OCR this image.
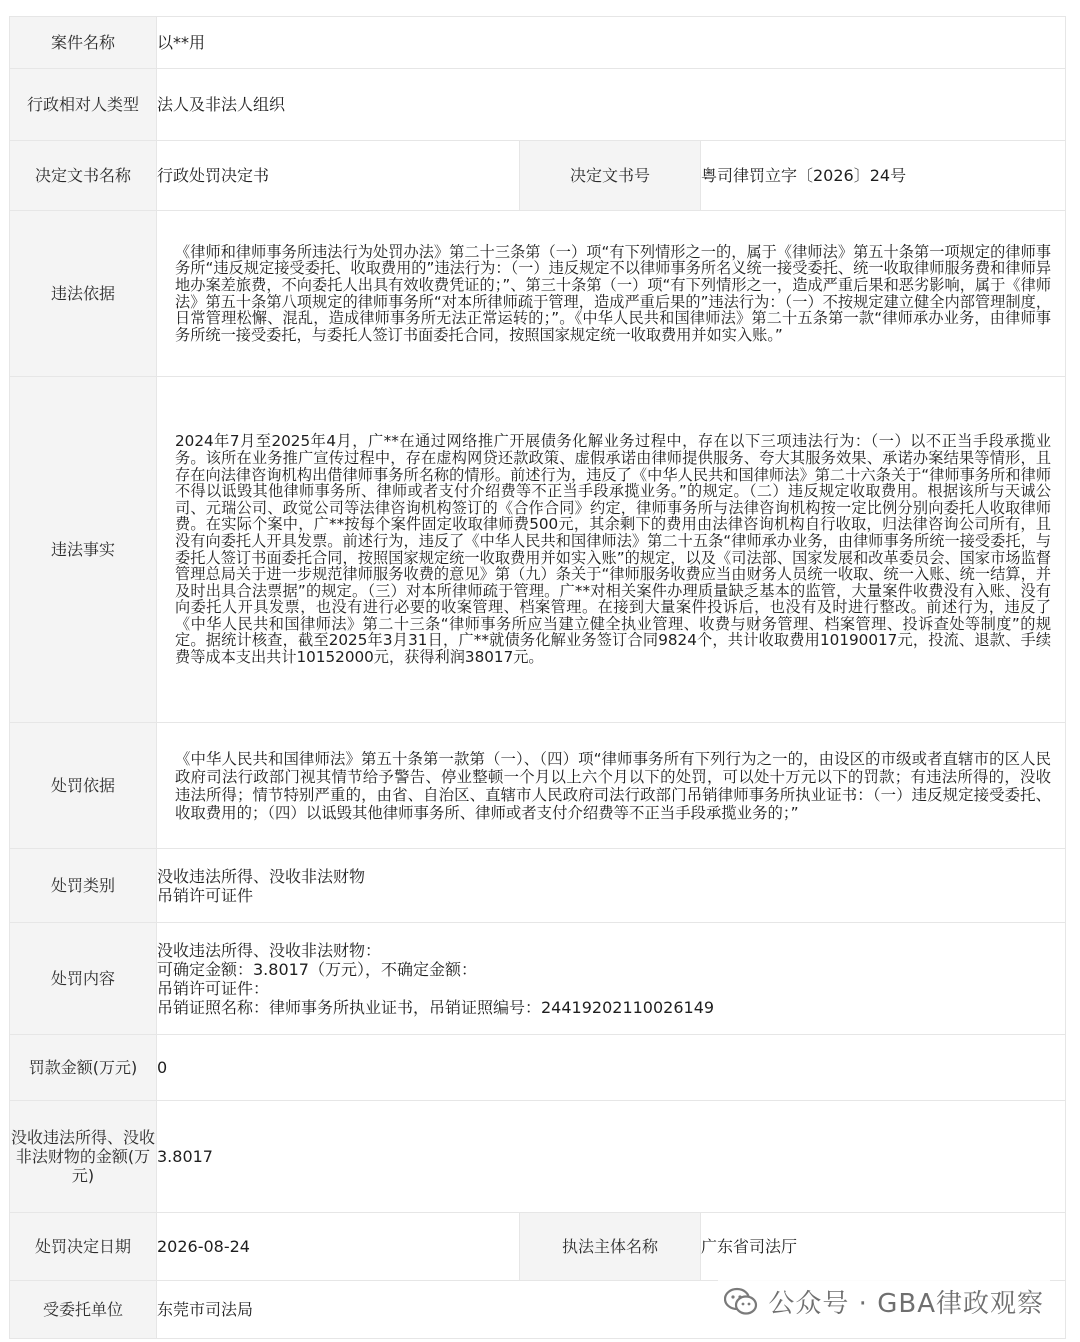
案件名称	以**用		
行政相对人类型	法人及非法人组织		
决定文书名称	行政处罚决定书	决定文书号	粤司律罚立字〔2026〕24号
违法依据	《律师和律师事务所违法行为处罚办法》第二十三条第（一）项“有下列情形之一的，属于《律师法》第五十条第一项规定的律师事务所“违反规定接受委托、收取费用的”违法行为：（一）违反规定不以律师事务所名义统一接受委托、统一收取律师服务费和律师异地办案差旅费，不向委托人出具有效收费凭证的；”、第三十条第（一）项“有下列情形之一，造成严重后果和恶劣影响，属于《律师法》第五十条第八项规定的律师事务所“对本所律师疏于管理，造成严重后果的”违法行为：（一）不按规定建立健全内部管理制度，日常管理松懈、混乱，造成律师事务所无法正常运转的；”。《中华人民共和国律师法》第二十五条第一款“律师承办业务，由律师事务所统一接受委托，与委托人签订书面委托合同，按照国家规定统一收取费用并如实入账。”		
违法事实	2024年7月至2025年4月，广**在通过网络推广开展债务化解业务过程中，存在以下三项违法行为：（一）以不正当手段承揽业务。该所在业务推广宣传过程中，存在虚构网贷还款政策、虚假承诺由律师提供服务、夸大其服务效果、承诺办案结果等情形，且存在向法律咨询机构出借律师事务所名称的情形。前述行为，违反了《中华人民共和国律师法》第二十六条关于“律师事务所和律师不得以诋毁其他律师事务所、律师或者支付介绍费等不正当手段承揽业务。”的规定。（二）违反规定收取费用。根据该所与天诚公司、元瑞公司、政觉公司等法律咨询机构签订的《合作合同》约定，律师事务所与法律咨询机构按一定比例分别向委托人收取律师费。在实际个案中，广**按每个案件固定收取律师费500元，其余剩下的费用由法律咨询机构自行收取，归法律咨询公司所有，且没有向委托人开具发票。前述行为，违反了《中华人民共和国律师法》第二十五条“律师承办业务，由律师事务所统一接受委托，与委托人签订书面委托合同，按照国家规定统一收取费用并如实入账”的规定，以及《司法部、国家发展和改革委员会、国家市场监督管理总局关于进一步规范律师服务收费的意见》第（九）条关于“律师服务收费应当由财务人员统一收取、统一入账、统一结算，并及时出具合法票据”的规定。（三）对本所律师疏于管理。广**对相关案件办理质量缺乏基本的监管，大量案件收费没有入账、没有向委托人开具发票，也没有进行必要的收案管理、档案管理。在接到大量案件投诉后，也没有及时进行整改。前述行为，违反了《中华人民共和国律师法》第二十三条“律师事务所应当建立健全执业管理、收费与财务管理、档案管理、投诉查处等制度”的规定。据统计核查，截至2025年3月31日，广**就债务化解业务签订合同9824个，共计收取费用10190017元，投流、退款、手续费等成本支出共计10152000元，获得利润38017元。		
处罚依据	《中华人民共和国律师法》第五十条第一款第（一）、（四）项“律师事务所有下列行为之一的，由设区的市级或者直辖市的区人民政府司法行政部门视其情节给予警告、停业整顿一个月以上六个月以下的处罚，可以处十万元以下的罚款；有违法所得的，没收违法所得；情节特别严重的，由省、自治区、直辖市人民政府司法行政部门吊销律师事务所执业证书：（一）违反规定接受委托、收取费用的；（四）以诋毁其他律师事务所、律师或者支付介绍费等不正当手段承揽业务的；”		
处罚类别	没收违法所得、没收非法财物
吊销许可证件		

处罚内容	没收违法所得、没收非法财物：
可确定金额：3.8017（万元），不确定金额：
吊销许可证件：
吊销证照名称：律师事务所执业证书，吊销证照编号：24419202110026149		

罚款金额(万元)	0		
没收违法所得、没收非法财物的金额(万元)	3.8017		
处罚决定日期	2026-08-24	执法主体名称	广东省司法厅
受委托单位	东莞市司法局			公众号 · GBA律政观察
